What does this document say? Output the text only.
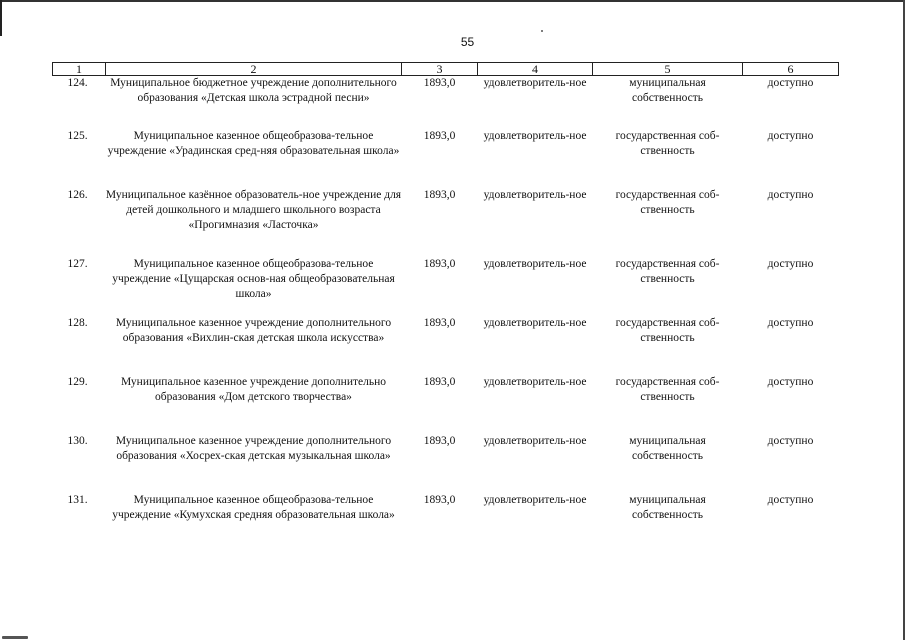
55
1	2	3	4	5	6
124.	Муниципальное бюджетное учреждение дополнительного образования «Детская школа эстрадной песни»	1893,0	удовлетворитель-ное	муниципальная собственность	доступно
125.	Муниципальное казенное общеобразова-тельное учреждение «Урадинская сред-няя образовательная школа»	1893,0	удовлетворитель-ное	государственная соб-ственность	доступно
126.	Муниципальное казённое образователь-ное учреждение для детей дошкольного и младшего школьного возраста «Прогимназия «Ласточка»	1893,0	удовлетворитель-ное	государственная соб-ственность	доступно
127.	Муниципальное казенное общеобразова-тельное учреждение «Цущарская основ-ная общеобразовательная школа»	1893,0	удовлетворитель-ное	государственная соб-ственность	доступно
128.	Муниципальное казенное учреждение дополнительного образования «Вихлин-ская детская школа искусства»	1893,0	удовлетворитель-ное	государственная соб-ственность	доступно
129.	Муниципальное казенное учреждение дополнительно образования «Дом детского творчества»	1893,0	удовлетворитель-ное	государственная соб-ственность	доступно
130.	Муниципальное казенное учреждение дополнительного образования «Хосрех-ская детская музыкальная школа»	1893,0	удовлетворитель-ное	муниципальная собственность	доступно
131.	Муниципальное казенное общеобразова-тельное учреждение «Кумухская средняя образовательная школа»	1893,0	удовлетворитель-ное	муниципальная собственность	доступно
